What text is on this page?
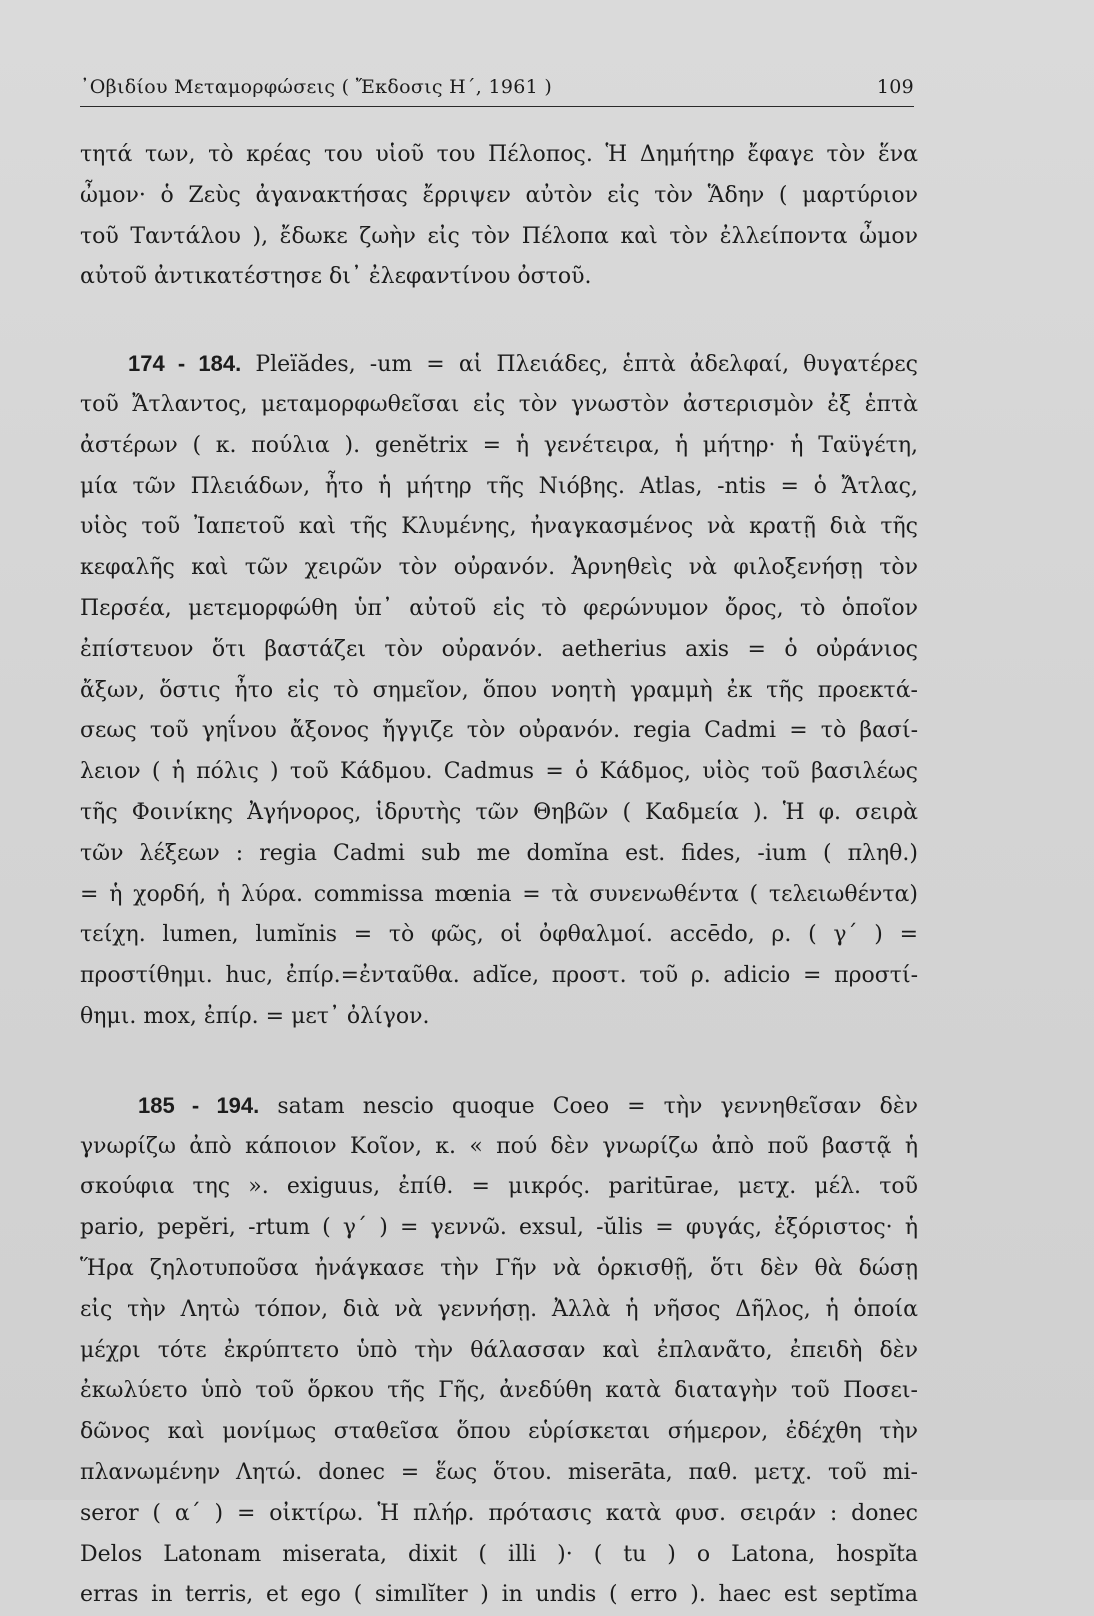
᾿Οβιδίου Μεταμορφώσεις ( Ἔκδοσις Η΄, 1961 )	109
τητά των, τὸ κρέας του υἱοῦ του Πέλοπος. Ἡ Δημήτηρ ἔφαγε τὸν ἕνα
ὦμον· ὁ Ζεὺς ἀγανακτήσας ἔρριψεν αὐτὸν εἰς τὸν Ἅδην ( μαρτύριον
τοῦ Ταντάλου ), ἔδωκε ζωὴν εἰς τὸν Πέλοπα καὶ τὸν ἐλλείποντα ὦμον
αὐτοῦ ἀντικατέστησε δι᾿ ἐλεφαντίνου ὀστοῦ.
174 - 184. Pleïădes, -um = αἱ Πλειάδες, ἑπτὰ ἀδελφαί, θυγατέρες
τοῦ Ἄτλαντος, μεταμορφωθεῖσαι εἰς τὸν γνωστὸν ἀστερισμὸν ἐξ ἑπτὰ
ἀστέρων ( κ. πούλια ). genĕtrix = ἡ γενέτειρα, ἡ μήτηρ· ἡ Ταϋγέτη,
μία τῶν Πλειάδων, ἦτο ἡ μήτηρ τῆς Νιόβης. Atlas, -ntis = ὁ Ἄτλας,
υἱὸς τοῦ Ἰαπετοῦ καὶ τῆς Κλυμένης, ἠναγκασμένος νὰ κρατῇ διὰ τῆς
κεφαλῆς καὶ τῶν χειρῶν τὸν οὐρανόν. Ἀρνηθεὶς νὰ φιλοξενήσῃ τὸν
Περσέα, μετεμορφώθη ὑπ᾿ αὐτοῦ εἰς τὸ φερώνυμον ὄρος, τὸ ὁποῖον
ἐπίστευον ὅτι βαστάζει τὸν οὐρανόν. aetherius axis = ὁ οὐράνιος
ἄξων, ὅστις ἦτο εἰς τὸ σημεῖον, ὅπου νοητὴ γραμμὴ ἐκ τῆς προεκτά-
σεως τοῦ γηΐνου ἄξονος ἤγγιζε τὸν οὐρανόν. regia Cadmi = τὸ βασί-
λειον ( ἡ πόλις ) τοῦ Κάδμου. Cadmus = ὁ Κάδμος, υἱὸς τοῦ βασιλέως
τῆς Φοινίκης Ἀγήνορος, ἱδρυτὴς τῶν Θηβῶν ( Καδμεία ). Ἡ φ. σειρὰ
τῶν λέξεων : regia Cadmi sub me domĭna est. fides, -ium ( πληθ.)
= ἡ χορδή, ἡ λύρα. commissa mœnia = τὰ συνενωθέντα ( τελειωθέντα)
τείχη. lumen, lumĭnis = τὸ φῶς, οἱ ὀφθαλμοί. accēdo, ρ. ( γ΄ ) =
προστίθημι. huc, ἐπίρ.=ἐνταῦθα. adĭce, προστ. τοῦ ρ. adicio = προστί-
θημι. mox, ἐπίρ. = μετ᾿ ὀλίγον.
185 - 194. satam nescio quoque Coeo = τὴν γεννηθεῖσαν δὲν
γνωρίζω ἀπὸ κάποιον Κοῖον, κ. « πού δὲν γνωρίζω ἀπὸ ποῦ βαστᾷ ἡ
σκούφια της ». exiguus, ἐπίθ. = μικρός. paritūrae, μετχ. μέλ. τοῦ
pario, pepĕri, -rtum ( γ΄ ) = γεννῶ. exsul, -ŭlis = φυγάς, ἐξόριστος· ἡ
Ἥρα ζηλοτυποῦσα ἠνάγκασε τὴν Γῆν νὰ ὁρκισθῇ, ὅτι δὲν θὰ δώσῃ
εἰς τὴν Λητὼ τόπον, διὰ νὰ γεννήσῃ. Ἀλλὰ ἡ νῆσος Δῆλος, ἡ ὁποία
μέχρι τότε ἐκρύπτετο ὑπὸ τὴν θάλασσαν καὶ ἐπλανᾶτο, ἐπειδὴ δὲν
ἐκωλύετο ὑπὸ τοῦ ὅρκου τῆς Γῆς, ἀνεδύθη κατὰ διαταγὴν τοῦ Ποσει-
δῶνος καὶ μονίμως σταθεῖσα ὅπου εὑρίσκεται σήμερον, ἐδέχθη τὴν
πλανωμένην Λητώ. donec = ἕως ὅτου. miserāta, παθ. μετχ. τοῦ mi-
seror ( α΄ ) = οἰκτίρω. Ἡ πλήρ. πρότασις κατὰ φυσ. σειράν : donec
Delos Latonam miserata, dixit ( illi )· ( tu ) o Latona, hospĭta
erras in terris, et ego ( simılĭter ) in undis ( erro ). haec est septĭma
